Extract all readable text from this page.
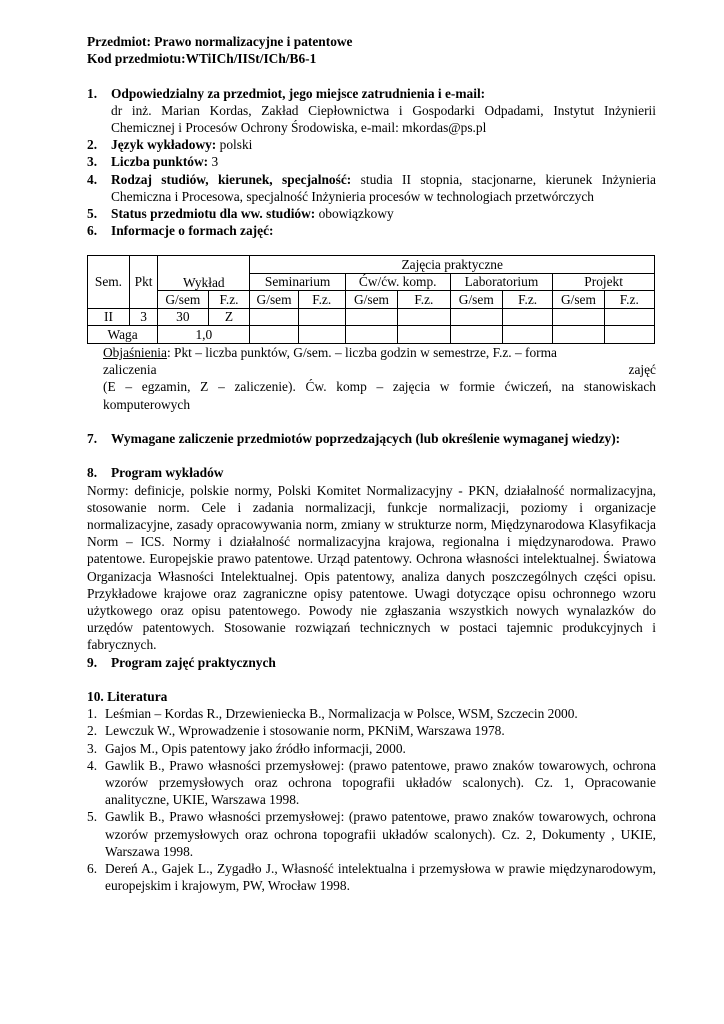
Przedmiot: Prawo normalizacyjne i patentowe
Kod przedmiotu:WTiICh/IISt/ICh/B6-1
1.	Odpowiedzialny za przedmiot, jego miejsce zatrudnienia i e-mail:
dr inż. Marian Kordas, Zakład Ciepłownictwa i Gospodarki Odpadami, Instytut Inżynierii Chemicznej i Procesów Ochrony Środowiska, e-mail: mkordas@ps.pl
2.	Język wykładowy: polski
3.	Liczba punktów: 3
4.	Rodzaj studiów, kierunek, specjalność: studia II stopnia, stacjonarne, kierunek Inżynieria Chemiczna i Procesowa, specjalność Inżynieria procesów w technologiach przetwórczych
5.	Status przedmiotu dla ww. studiów: obowiązkowy
6.	Informacje o formach zajęć:
Sem.	Pkt	Wykład		Zajęcia praktyczne							
				Seminarium		Ćw/ćw. komp.		Laboratorium		Projekt	
		G/sem	F.z.	G/sem	F.z.	G/sem	F.z.	G/sem	F.z.	G/sem	F.z.
II	3	30	Z								
Waga		1,0									
Objaśnienia: Pkt – liczba punktów, G/sem. – liczba godzin w semestrze, F.z. – forma
zaliczenia	zajęć
(E – egzamin, Z – zaliczenie). Ćw. komp – zajęcia w formie ćwiczeń, na stanowiskach komputerowych
7.	Wymagane zaliczenie przedmiotów poprzedzających (lub określenie wymaganej wiedzy):
8.	Program wykładów
Normy: definicje, polskie normy, Polski Komitet Normalizacyjny - PKN, działalność normalizacyjna, stosowanie norm. Cele i zadania normalizacji, funkcje normalizacji, poziomy i organizacje normalizacyjne, zasady opracowywania norm, zmiany w strukturze norm, Międzynarodowa Klasyfikacja Norm – ICS. Normy i działalność normalizacyjna krajowa, regionalna i międzynarodowa. Prawo patentowe. Europejskie prawo patentowe. Urząd patentowy. Ochrona własności intelektualnej. Światowa Organizacja Własności Intelektualnej. Opis patentowy, analiza danych poszczególnych części opisu. Przykładowe krajowe oraz zagraniczne opisy patentowe. Uwagi dotyczące opisu ochronnego wzoru użytkowego oraz opisu patentowego. Powody nie zgłaszania wszystkich nowych wynalazków do urzędów patentowych. Stosowanie rozwiązań technicznych w postaci tajemnic produkcyjnych i fabrycznych.
9.	Program zajęć praktycznych
10. Literatura
1. Leśmian – Kordas R., Drzewieniecka B., Normalizacja w Polsce, WSM, Szczecin 2000.
2. Lewczuk W., Wprowadzenie i stosowanie norm, PKNiM, Warszawa 1978.
3. Gajos M., Opis patentowy jako źródło informacji, 2000.
4. Gawlik B., Prawo własności przemysłowej: (prawo patentowe, prawo znaków towarowych, ochrona wzorów przemysłowych oraz ochrona topografii układów scalonych). Cz. 1, Opracowanie analityczne, UKIE, Warszawa 1998.
5. Gawlik B., Prawo własności przemysłowej: (prawo patentowe, prawo znaków towarowych, ochrona wzorów przemysłowych oraz ochrona topografii układów scalonych). Cz. 2, Dokumenty , UKIE, Warszawa 1998.
6. Dereń A., Gajek L., Zygadło J., Własność intelektualna i przemysłowa w prawie międzynarodowym, europejskim i krajowym, PW, Wrocław 1998.
